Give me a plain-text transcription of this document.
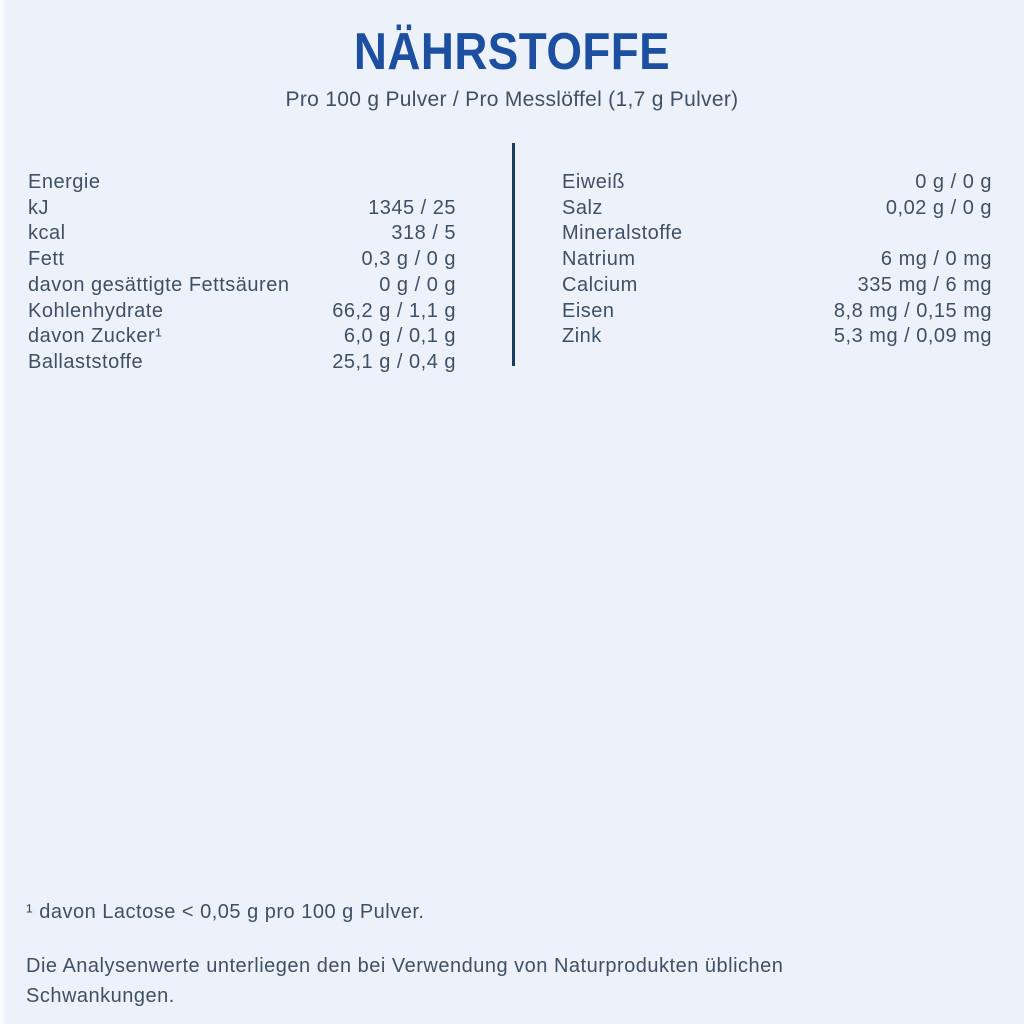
NÄHRSTOFFE
Pro 100 g Pulver / Pro Messlöffel (1,7 g Pulver)
Energie
kJ	1345 / 25
kcal	318 / 5
Fett	0,3 g / 0 g
davon gesättigte Fettsäuren	0 g / 0 g
Kohlenhydrate	66,2 g / 1,1 g
davon Zucker¹	6,0 g / 0,1 g
Ballaststoffe	25,1 g / 0,4 g
Eiweiß	0 g / 0 g
Salz	0,02 g / 0 g
Mineralstoffe
Natrium	6 mg / 0 mg
Calcium	335 mg / 6 mg
Eisen	8,8 mg / 0,15 mg
Zink	5,3 mg / 0,09 mg
¹ davon Lactose < 0,05 g pro 100 g Pulver.
Die Analysenwerte unterliegen den bei Verwendung von Naturprodukten üblichen
Schwankungen.
